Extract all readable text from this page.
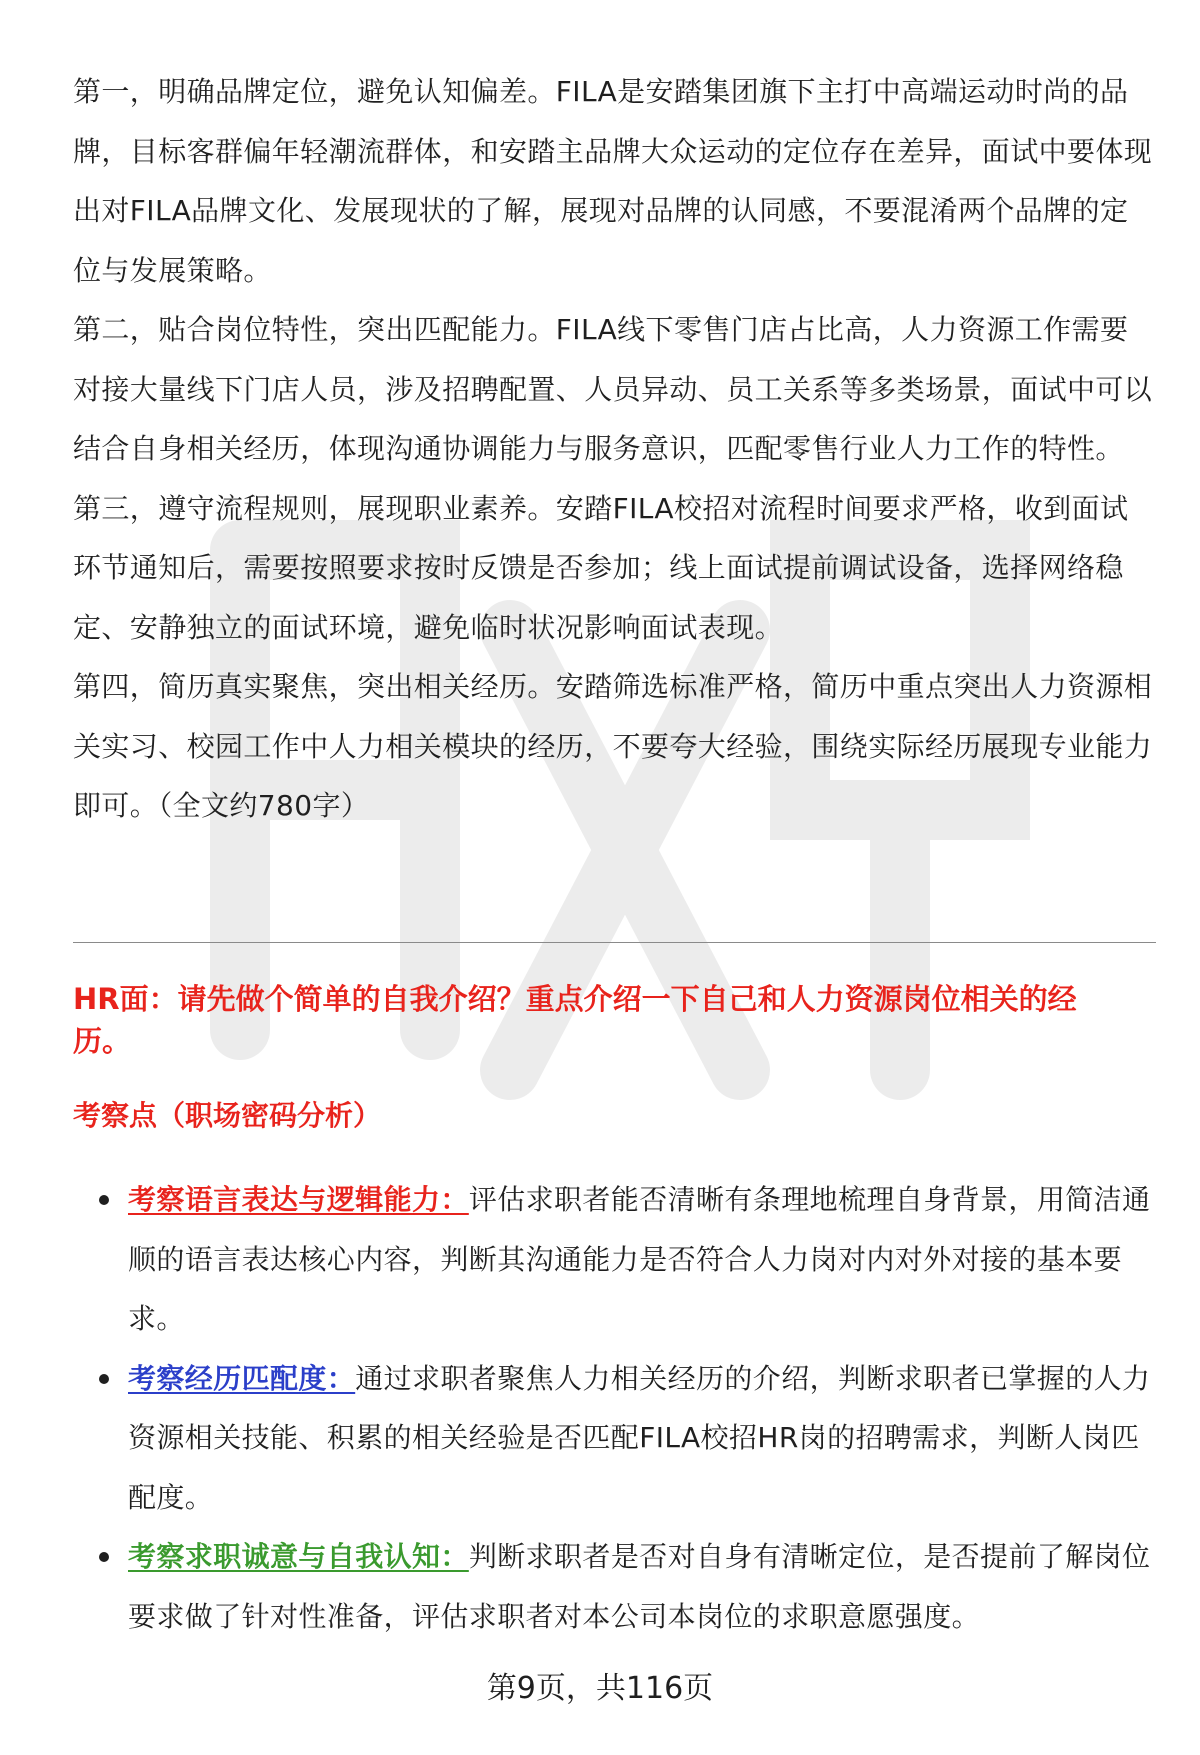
第一，明确品牌定位，避免认知偏差。FILA是安踏集团旗下主打中高端运动时尚的品牌，目标客群偏年轻潮流群体，和安踏主品牌大众运动的定位存在差异，面试中要体现出对FILA品牌文化、发展现状的了解，展现对品牌的认同感，不要混淆两个品牌的定位与发展策略。

第二，贴合岗位特性，突出匹配能力。FILA线下零售门店占比高，人力资源工作需要对接大量线下门店人员，涉及招聘配置、人员异动、员工关系等多类场景，面试中可以结合自身相关经历，体现沟通协调能力与服务意识，匹配零售行业人力工作的特性。

第三，遵守流程规则，展现职业素养。安踏FILA校招对流程时间要求严格，收到面试环节通知后，需要按照要求按时反馈是否参加；线上面试提前调试设备，选择网络稳定、安静独立的面试环境，避免临时状况影响面试表现。

第四，简历真实聚焦，突出相关经历。安踏筛选标准严格，简历中重点突出人力资源相关实习、校园工作中人力相关模块的经历，不要夸大经验，围绕实际经历展现专业能力即可。（全文约780字）

HR面：请先做个简单的自我介绍？重点介绍一下自己和人力资源岗位相关的经历。

考察点（职场密码分析）

考察语言表达与逻辑能力：评估求职者能否清晰有条理地梳理自身背景，用简洁通顺的语言表达核心内容，判断其沟通能力是否符合人力岗对内对外对接的基本要求。
考察经历匹配度：通过求职者聚焦人力相关经历的介绍，判断求职者已掌握的人力资源相关技能、积累的相关经验是否匹配FILA校招HR岗的招聘需求，判断人岗匹配度。
考察求职诚意与自我认知：判断求职者是否对自身有清晰定位，是否提前了解岗位要求做了针对性准备，评估求职者对本公司本岗位的求职意愿强度。
第9页，共116页
